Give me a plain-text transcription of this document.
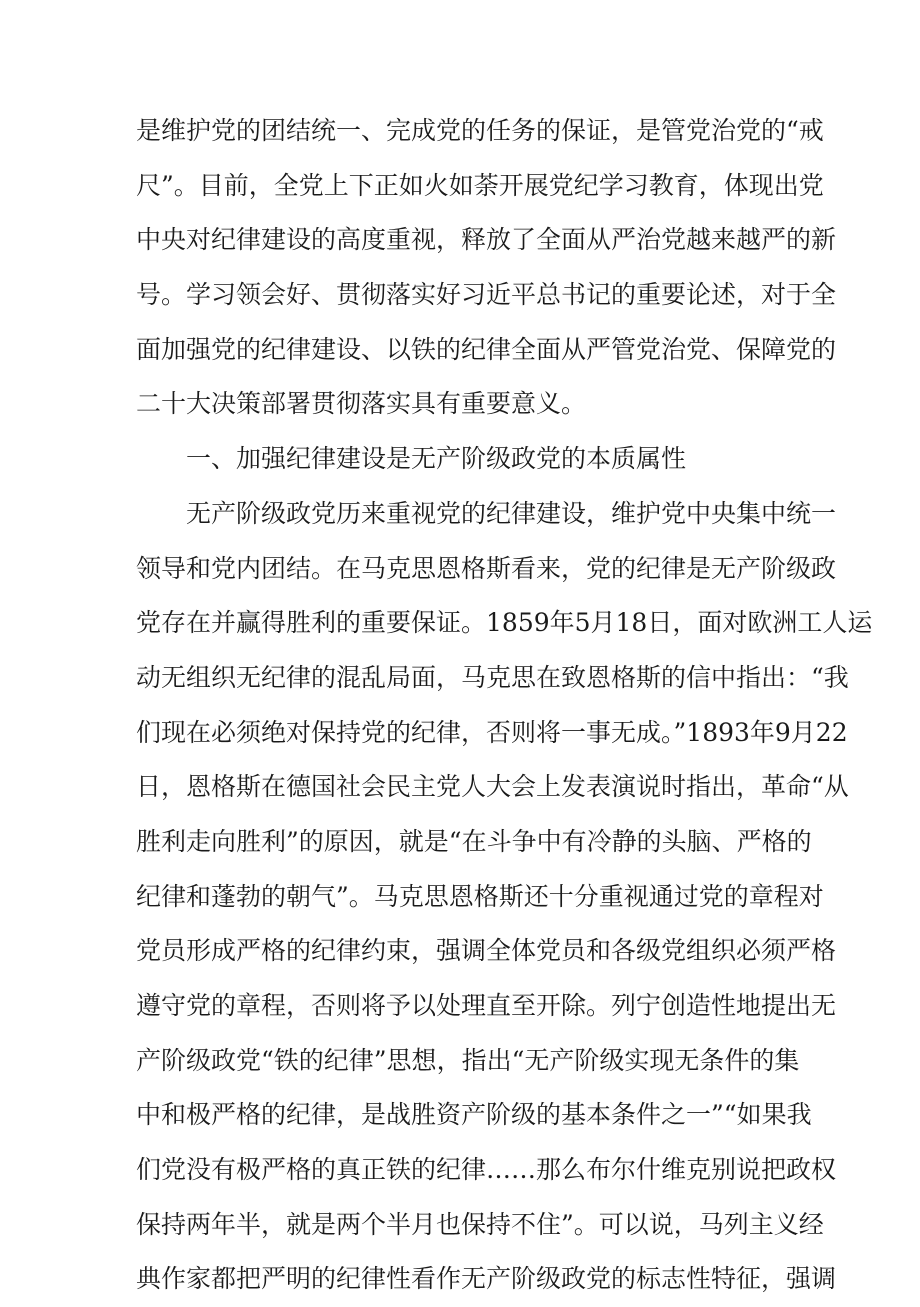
是维护党的团结统一、完成党的任务的保证，是管党治党的“戒
尺”。目前，全党上下正如火如荼开展党纪学习教育，体现出党
中央对纪律建设的高度重视，释放了全面从严治党越来越严的新
号。学习领会好、贯彻落实好习近平总书记的重要论述，对于全
面加强党的纪律建设、以铁的纪律全面从严管党治党、保障党的
二十大决策部署贯彻落实具有重要意义。
一、加强纪律建设是无产阶级政党的本质属性
无产阶级政党历来重视党的纪律建设，维护党中央集中统一
领导和党内团结。在马克思恩格斯看来，党的纪律是无产阶级政
党存在并赢得胜利的重要保证。1859年5月18日，面对欧洲工人运
动无组织无纪律的混乱局面，马克思在致恩格斯的信中指出：“我
们现在必须绝对保持党的纪律，否则将一事无成。”1893年9月22
日，恩格斯在德国社会民主党人大会上发表演说时指出，革命“从
胜利走向胜利”的原因，就是“在斗争中有冷静的头脑、严格的
纪律和蓬勃的朝气”。马克思恩格斯还十分重视通过党的章程对
党员形成严格的纪律约束，强调全体党员和各级党组织必须严格
遵守党的章程，否则将予以处理直至开除。列宁创造性地提出无
产阶级政党“铁的纪律”思想，指出“无产阶级实现无条件的集
中和极严格的纪律，是战胜资产阶级的基本条件之一”“如果我
们党没有极严格的真正铁的纪律……那么布尔什维克别说把政权
保持两年半，就是两个半月也保持不住”。可以说，马列主义经
典作家都把严明的纪律性看作无产阶级政党的标志性特征，强调
